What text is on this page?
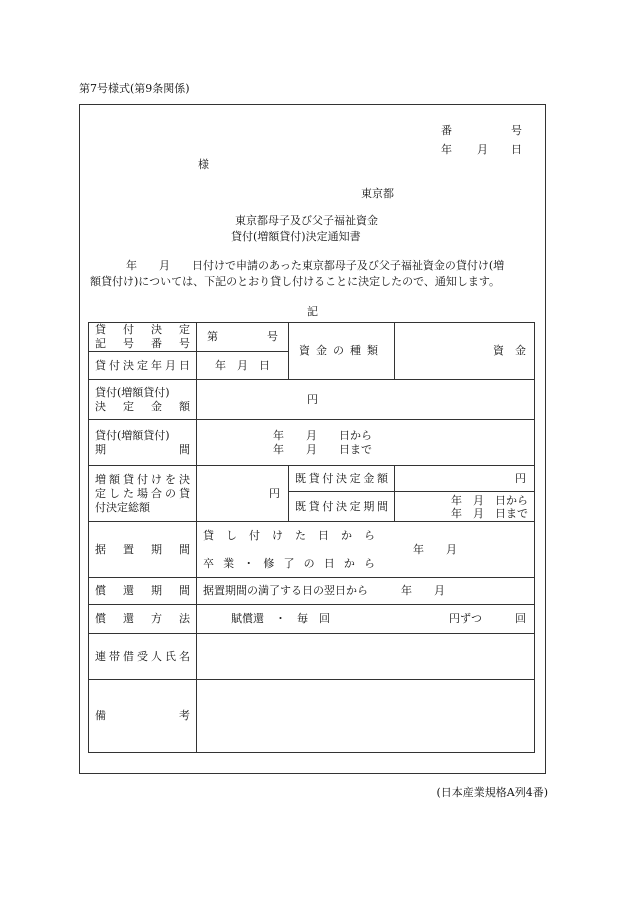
第7号様式(第9条関係)
番	号
年 月 日
様
東京都
東京都母子及び父子福祉資金
貸付(増額貸付)決定通知書
年　　月　　日付けで申請のあった東京都母子及び父子福祉資金の貸付け(増
額貸付け)については、下記のとおり貸し付けることに決定したので、通知します。
記
貸付決定
記号番号	第 号	資金の種類	資　金
貸付決定年月日	年　月　日		

貸付(増額貸付)
決定金額	円		

貸付(増額貸付)
期間	年　　月　　日から
年　　月　　日まで		

増額貸付けを決
定した場合の貸
付決定総額	円	既貸付決定金額	円
		既貸付決定期間	年　月　日から
年　月　日まで

据置期間	貸し付けた日から
卒業・修了の日から
年　　月		

償還期間	据置期間の満了する日の翌日から　　　年　　月		
償還方法	賦償還　・　毎　回 円ずつ　　　回		

連帯借受人氏名			
備考			
(日本産業規格A列4番)
